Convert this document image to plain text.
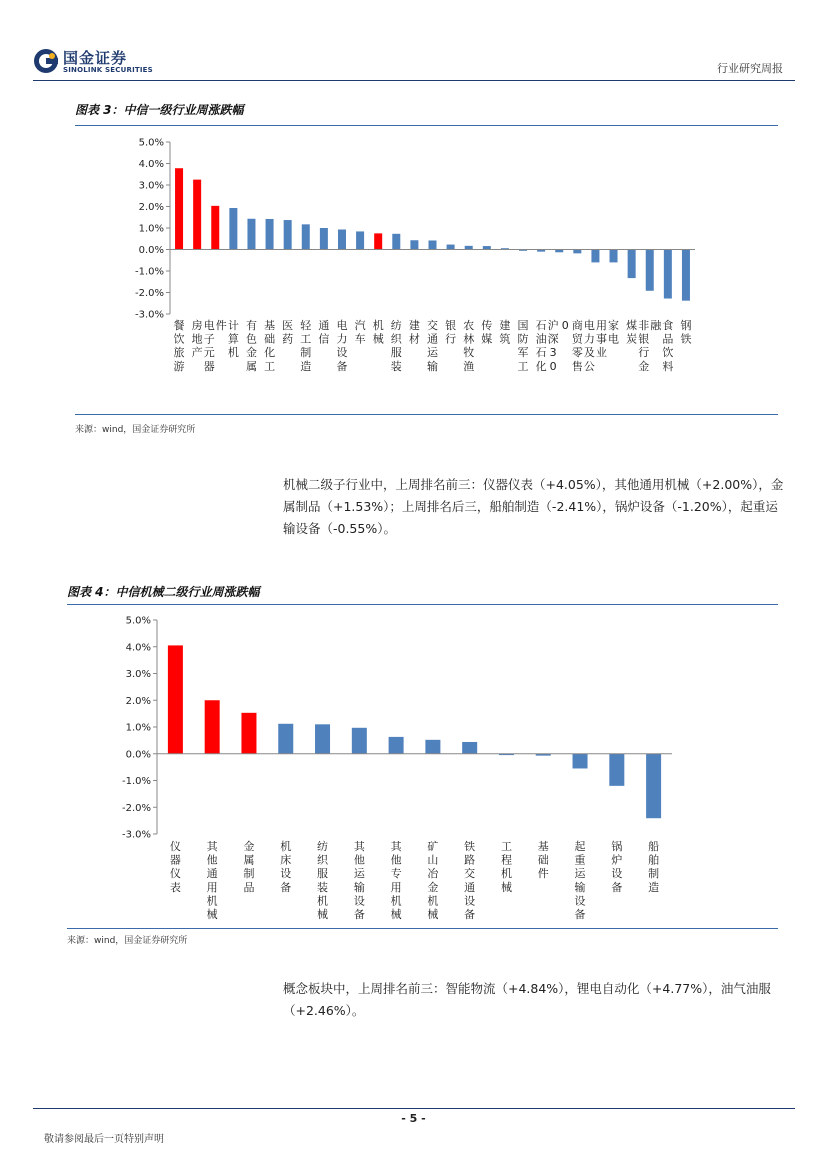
国金证券
SINOLINK SECURITIES	行业研究周报
图表 3：中信一级行业周涨跌幅
5.0%
4.0%
3.0%
2.0%
1.0%
0.0%
-1.0%
-2.0%
-3.0%
餐饮旅游
房地产
电子元器件 计算机
有色金属
基础化工
医药
轻工制造
通信
电力设备
汽车
机械
纺织服装
建材
交通运输
银行
农林牧渔
传媒
建筑
国防军工
石油石化
沪深 3 00 商贸零售
电力及公用事业
家电
煤炭
非银行金融 食品饮料
钢铁
来源：wind，国金证券研究所
机械二级子行业中，上周排名前三：仪器仪表（+4.05%），其他通用机械（+2.00%），金属制品（+1.53%）；上周排名后三，船舶制造（-2.41%），锅炉设备（-1.20%），起重运输设备（-0.55%）。
图表 4：中信机械二级行业周涨跌幅
5.0%
4.0%
3.0%
2.0%
1.0%
0.0%
-1.0%
-2.0%
-3.0%
仪器仪表
其他通用机械
金属制品
机床设备
纺织服装机械
其他运输设备
其他专用机械
矿山冶金机械
铁路交通设备
工程机械
基础件
起重运输设备
锅炉设备
船舶制造
来源：wind，国金证券研究所
概念板块中，上周排名前三：智能物流（+4.84%），锂电自动化（+4.77%），油气油服（+2.46%）。
- 5 -
敬请参阅最后一页特别声明
